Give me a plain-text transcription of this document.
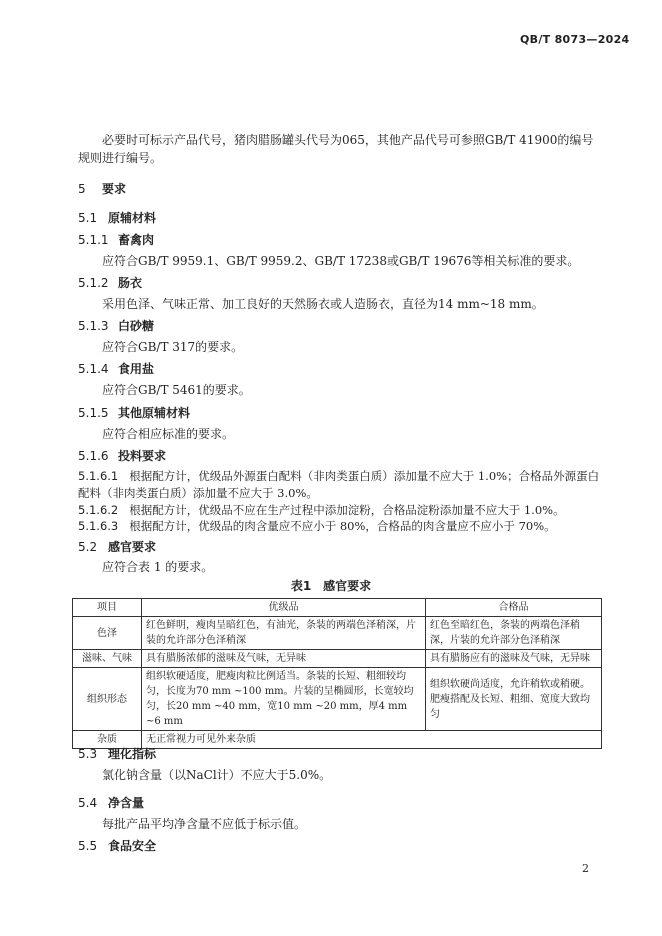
QB/T 8073—2024
必要时可标示产品代号，猪肉腊肠罐头代号为065，其他产品代号可参照GB/T 41900的编号规则进行编号。
5 要求
5.1 原辅材料
5.1.1 畜禽肉
应符合GB/T 9959.1、GB/T 9959.2、GB/T 17238或GB/T 19676等相关标准的要求。
5.1.2 肠衣
采用色泽、气味正常、加工良好的天然肠衣或人造肠衣，直径为14 mm~18 mm。
5.1.3 白砂糖
应符合GB/T 317的要求。
5.1.4 食用盐
应符合GB/T 5461的要求。
5.1.5 其他原辅材料
应符合相应标准的要求。
5.1.6 投料要求
5.1.6.1 根据配方计，优级品外源蛋白配料（非肉类蛋白质）添加量不应大于 1.0%；合格品外源蛋白配料（非肉类蛋白质）添加量不应大于 3.0%。
5.1.6.2 根据配方计，优级品不应在生产过程中添加淀粉，合格品淀粉添加量不应大于 1.0%。
5.1.6.3 根据配方计，优级品的肉含量应不应小于 80%，合格品的肉含量应不应小于 70%。
5.2 感官要求
应符合表 1 的要求。
表1　感官要求
项目	优级品	合格品
色泽	红色鲜明，瘦肉呈暗红色，有油光，条装的两端色泽稍深，片装的允许部分色泽稍深	红色至暗红色，条装的两端色泽稍深，片装的允许部分色泽稍深
滋味、气味	具有腊肠浓郁的滋味及气味，无异味	具有腊肠应有的滋味及气味，无异味
组织形态	组织软硬适度，肥瘦肉粒比例适当。条装的长短、粗细较均匀，长度为70 mm ~100 mm。片装的呈椭圆形，长宽较均匀，长20 mm ~40 mm，宽10 mm ~20 mm，厚4 mm ~6 mm	组织软硬尚适度，允许稍软或稍硬。肥瘦搭配及长短、粗细、宽度大致均匀
杂质	无正常视力可见外来杂质	
5.3 理化指标
氯化钠含量（以NaCl计）不应大于5.0%。
5.4 净含量
每批产品平均净含量不应低于标示值。
5.5 食品安全
2
